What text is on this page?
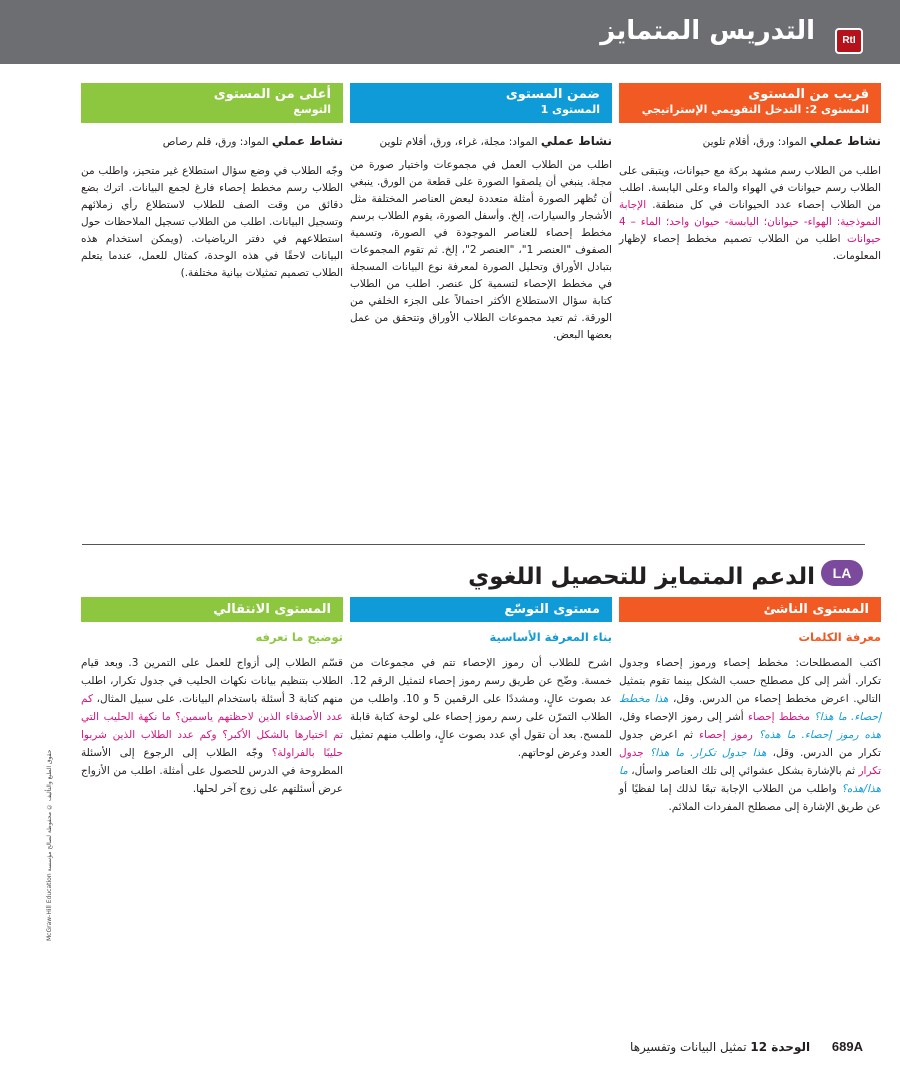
التدريس المتمايز	RtI
قريب من المستوى
المستوى 2: التدخل التقويمي الإستراتيجي
نشاط عملي المواد: ورق، أقلام تلوين
اطلب من الطلاب رسم مشهد بركة مع حيوانات، ويتبقى على الطلاب رسم حيوانات في الهواء والماء وعلى اليابسة. اطلب من الطلاب إحصاء عدد الحيوانات في كل منطقة. الإجابة النموذجية: الهواء- حيوانان؛ اليابسة- حيوان واحد؛ الماء – 4 حيوانات اطلب من الطلاب تصميم مخطط إحصاء لإظهار المعلومات.
ضمن المستوى
المستوى 1
نشاط عملي المواد: مجلة، غراء، ورق، أقلام تلوين
اطلب من الطلاب العمل في مجموعات واختيار صورة من مجلة. ينبغي أن يلصقوا الصورة على قطعة من الورق. ينبغي أن تُظهر الصورة أمثلة متعددة لبعض العناصر المختلفة مثل الأشجار والسيارات، إلخ. وأسفل الصورة، يقوم الطلاب برسم مخطط إحصاء للعناصر الموجودة في الصورة، وتسمية الصفوف "العنصر 1"، "العنصر 2"، إلخ. ثم تقوم المجموعات بتبادل الأوراق وتحليل الصورة لمعرفة نوع البيانات المسجلة في مخطط الإحصاء لتسمية كل عنصر. اطلب من الطلاب كتابة سؤال الاستطلاع الأكثر احتمالاً على الجزء الخلفي من الورقة. ثم تعيد مجموعات الطلاب الأوراق وتتحقق من عمل بعضها البعض.
أعلى من المستوى
التوسع
نشاط عملي المواد: ورق، قلم رصاص
وجّه الطلاب في وضع سؤال استطلاع غير متحيز، واطلب من الطلاب رسم مخطط إحصاء فارغ لجمع البيانات. اترك بضع دقائق من وقت الصف للطلاب لاستطلاع رأي زملائهم وتسجيل البيانات. اطلب من الطلاب تسجيل الملاحظات حول استطلاعهم في دفتر الرياضيات. (ويمكن استخدام هذه البيانات لاحقًا في هذه الوحدة، كمثال للعمل، عندما يتعلم الطلاب تصميم تمثيلات بيانية مختلفة.)
LA
الدعم المتمايز للتحصيل اللغوي
المستوى الناشئ
معرفة الكلمات
اكتب المصطلحات: مخطط إحصاء ورموز إحصاء وجدول تكرار. أشر إلى كل مصطلح حسب الشكل بينما تقوم بتمثيل التالي. اعرض مخطط إحصاء من الدرس. وقل، هذا مخطط إحصاء. ما هذا؟ مخطط إحصاء أشر إلى رموز الإحصاء وقل، هذه رموز إحصاء. ما هذه؟ رموز إحصاء ثم اعرض جدول تكرار من الدرس. وقل، هذا جدول تكرار. ما هذا؟ جدول تكرار ثم بالإشارة بشكل عشوائي إلى تلك العناصر واسأل، ما هذا/هذه؟ واطلب من الطلاب الإجابة تبعًا لذلك إما لفظيًا أو عن طريق الإشارة إلى مصطلح المفردات الملائم.
مستوى التوسّع
بناء المعرفة الأساسية
اشرح للطلاب أن رموز الإحصاء تتم في مجموعات من خمسة. وضّح عن طريق رسم رموز إحصاء لتمثيل الرقم 12. عد بصوت عالٍ، ومشددًا على الرقمين 5 و 10. واطلب من الطلاب التمرّن على رسم رموز إحصاء على لوحة كتابة قابلة للمسح. بعد أن تقول أي عدد بصوت عالٍ، واطلب منهم تمثيل العدد وعرض لوحاتهم.
المستوى الانتقالي
توضيح ما تعرفه
قسّم الطلاب إلى أزواج للعمل على التمرين 3. وبعد قيام الطلاب بتنظيم بيانات نكهات الحليب في جدول تكرار، اطلب منهم كتابة 3 أسئلة باستخدام البيانات. على سبيل المثال، كم عدد الأصدقاء الذين لاحظتهم ياسمين؟ ما نكهة الحليب التي تم اختيارها بالشكل الأكبر؟ وكم عدد الطلاب الذين شربوا حليبًا بالفراولة؟ وجّه الطلاب إلى الرجوع إلى الأسئلة المطروحة في الدرس للحصول على أمثلة. اطلب من الأزواج عرض أسئلتهم على زوج آخر لحلها.
حقوق الطبع والتأليف © محفوظة لصالح مؤسسة McGraw-Hill Education
689A الوحدة 12 تمثيل البيانات وتفسيرها
